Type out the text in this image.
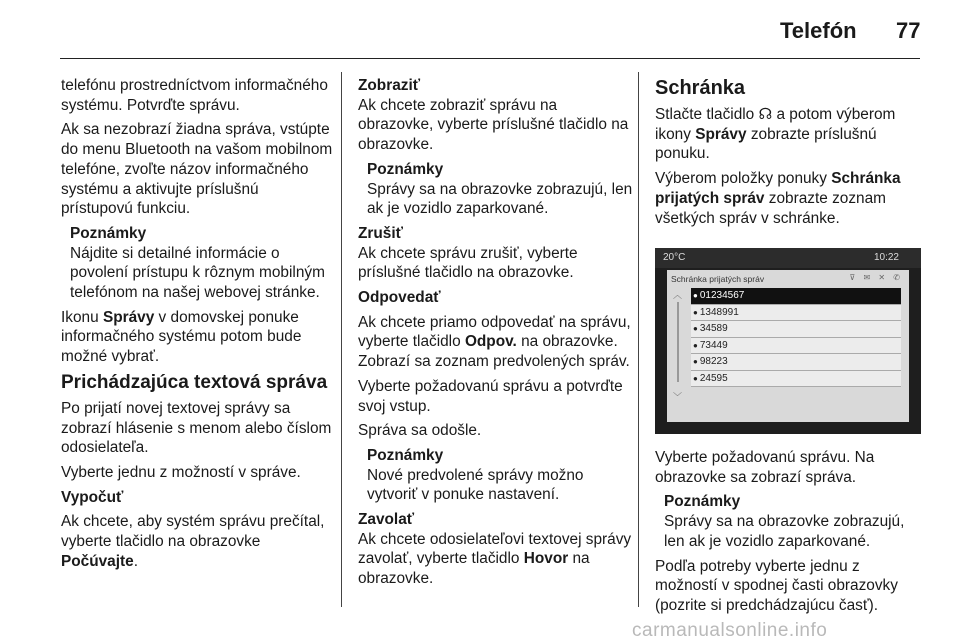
Telefón 77

telefónu prostredníctvom informačného systému. Potvrďte správu.

Ak sa nezobrazí žiadna správa, vstúpte do menu Bluetooth na vašom mobilnom telefóne, zvoľte názov informačného systému a aktivujte príslušnú prístupovú funkciu.

Poznámky
Nájdite si detailné informácie o povolení prístupu k rôznym mobilným telefónom na našej webovej stránke.

Ikonu Správy v domovskej ponuke informačného systému potom bude možné vybrať.

Prichádzajúca textová správa

Po prijatí novej textovej správy sa zobrazí hlásenie s menom alebo číslom odosielateľa.

Vyberte jednu z možností v správe.

Vypočuť

Ak chcete, aby systém správu prečítal, vyberte tlačidlo na obrazovke Počúvajte.

Zobraziť

Ak chcete zobraziť správu na obrazovke, vyberte príslušné tlačidlo na obrazovke.

Poznámky
Správy sa na obrazovke zobrazujú, len ak je vozidlo zaparkované.

Zrušiť

Ak chcete správu zrušiť, vyberte príslušné tlačidlo na obrazovke.

Odpovedať

Ak chcete priamo odpovedať na správu, vyberte tlačidlo Odpov. na obrazovke. Zobrazí sa zoznam predvolených správ.

Vyberte požadovanú správu a potvrďte svoj vstup.

Správa sa odošle.

Poznámky
Nové predvolené správy možno vytvoriť v ponuke nastavení.

Zavolať

Ak chcete odosielateľovi textovej správy zavolať, vyberte tlačidlo Hovor na obrazovke.

Schránka

Stlačte tlačidlo ☊ a potom výberom ikony Správy zobrazte príslušnú ponuku.

Výberom položky ponuky Schránka prijatých správ zobrazte zoznam všetkých správ v schránke.

Vyberte požadovanú správu. Na obrazovke sa zobrazí správa.

Poznámky
Správy sa na obrazovke zobrazujú, len ak je vozidlo zaparkované.

Podľa potreby vyberte jednu z možností v spodnej časti obrazovky (pozrite si predchádzajúcu časť).

20°C	10:22
Schránka prijatých správ	⊽ ✉ ✕ ✆
︿
﹀
● 01234567
● 1348991
● 34589
● 73449
● 98223
● 24595
carmanualsonline.info
